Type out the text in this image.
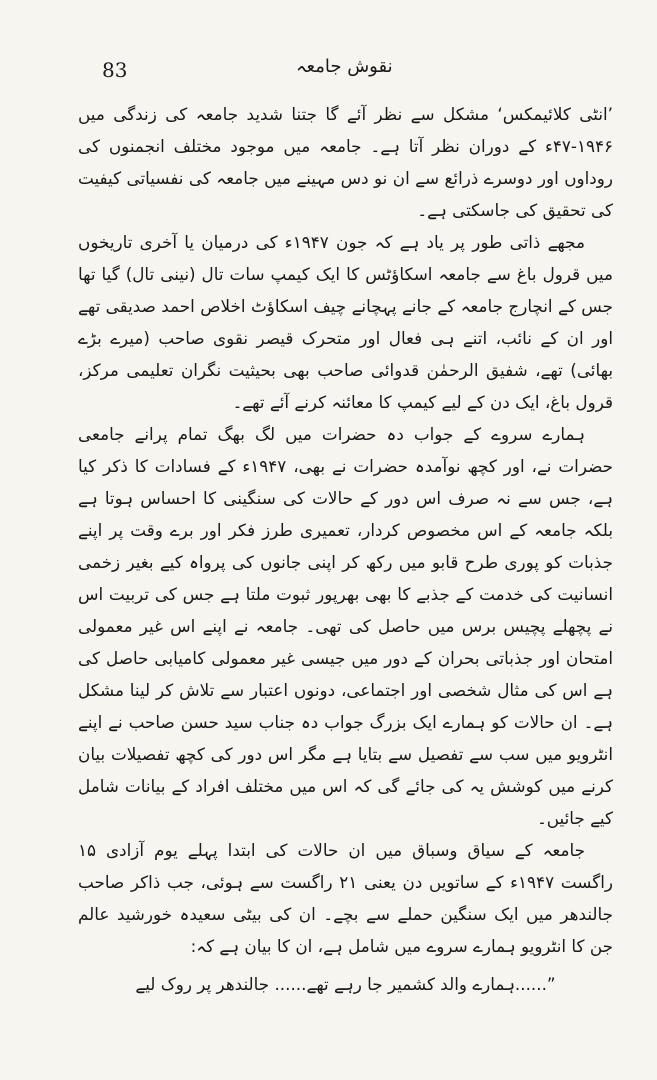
83	نقوش جامعہ

’انٹی کلائیمکس‘ مشکل سے نظر آئے گا جتنا شدید جامعہ کی زندگی میں ۱۹۴۶-۴۷ء کے دوران نظر آتا ہے۔ جامعہ میں موجود مختلف انجمنوں کی روداوں اور دوسرے ذرائع سے ان نو دس مہینے میں جامعہ کی نفسیاتی کیفیت کی تحقیق کی جاسکتی ہے۔

مجھے ذاتی طور پر یاد ہے کہ جون ۱۹۴۷ء کی درمیان یا آخری تاریخوں میں قرول باغ سے جامعہ اسکاؤٹس کا ایک کیمپ سات تال (نینی تال) گیا تھا جس کے انچارج جامعہ کے جانے پہچانے چیف اسکاؤٹ اخلاص احمد صدیقی تھے اور ان کے نائب، اتنے ہی فعال اور متحرک قیصر نقوی صاحب (میرے بڑے بھائی) تھے، شفیق الرحمٰن قدوائی صاحب بھی بحیثیت نگران تعلیمی مرکز، قرول باغ، ایک دن کے لیے کیمپ کا معائنہ کرنے آئے تھے۔

ہمارے سروے کے جواب دہ حضرات میں لگ بھگ تمام پرانے جامعی حضرات نے، اور کچھ نوآمدہ حضرات نے بھی، ۱۹۴۷ء کے فسادات کا ذکر کیا ہے، جس سے نہ صرف اس دور کے حالات کی سنگینی کا احساس ہوتا ہے بلکہ جامعہ کے اس مخصوص کردار، تعمیری طرز فکر اور برے وقت پر اپنے جذبات کو پوری طرح قابو میں رکھ کر اپنی جانوں کی پرواہ کیے بغیر زخمی انسانیت کی خدمت کے جذبے کا بھی بھرپور ثبوت ملتا ہے جس کی تربیت اس نے پچھلے پچیس برس میں حاصل کی تھی۔ جامعہ نے اپنے اس غیر معمولی امتحان اور جذباتی بحران کے دور میں جیسی غیر معمولی کامیابی حاصل کی ہے اس کی مثال شخصی اور اجتماعی، دونوں اعتبار سے تلاش کر لینا مشکل ہے۔ ان حالات کو ہمارے ایک بزرگ جواب دہ جناب سید حسن صاحب نے اپنے انٹرویو میں سب سے تفصیل سے بتایا ہے مگر اس دور کی کچھ تفصیلات بیان کرنے میں کوشش یہ کی جائے گی کہ اس میں مختلف افراد کے بیانات شامل کیے جائیں۔

جامعہ کے سیاق وسباق میں ان حالات کی ابتدا پہلے یوم آزادی ۱۵ راگست ۱۹۴۷ء کے ساتویں دن یعنی ۲۱ راگست سے ہوئی، جب ذاکر صاحب جالندھر میں ایک سنگین حملے سے بچے۔ ان کی بیٹی سعیدہ خورشید عالم جن کا انٹرویو ہمارے سروے میں شامل ہے، ان کا بیان ہے کہ:

”......ہمارے والد کشمیر جا رہے تھے...... جالندھر پر روک لیے
